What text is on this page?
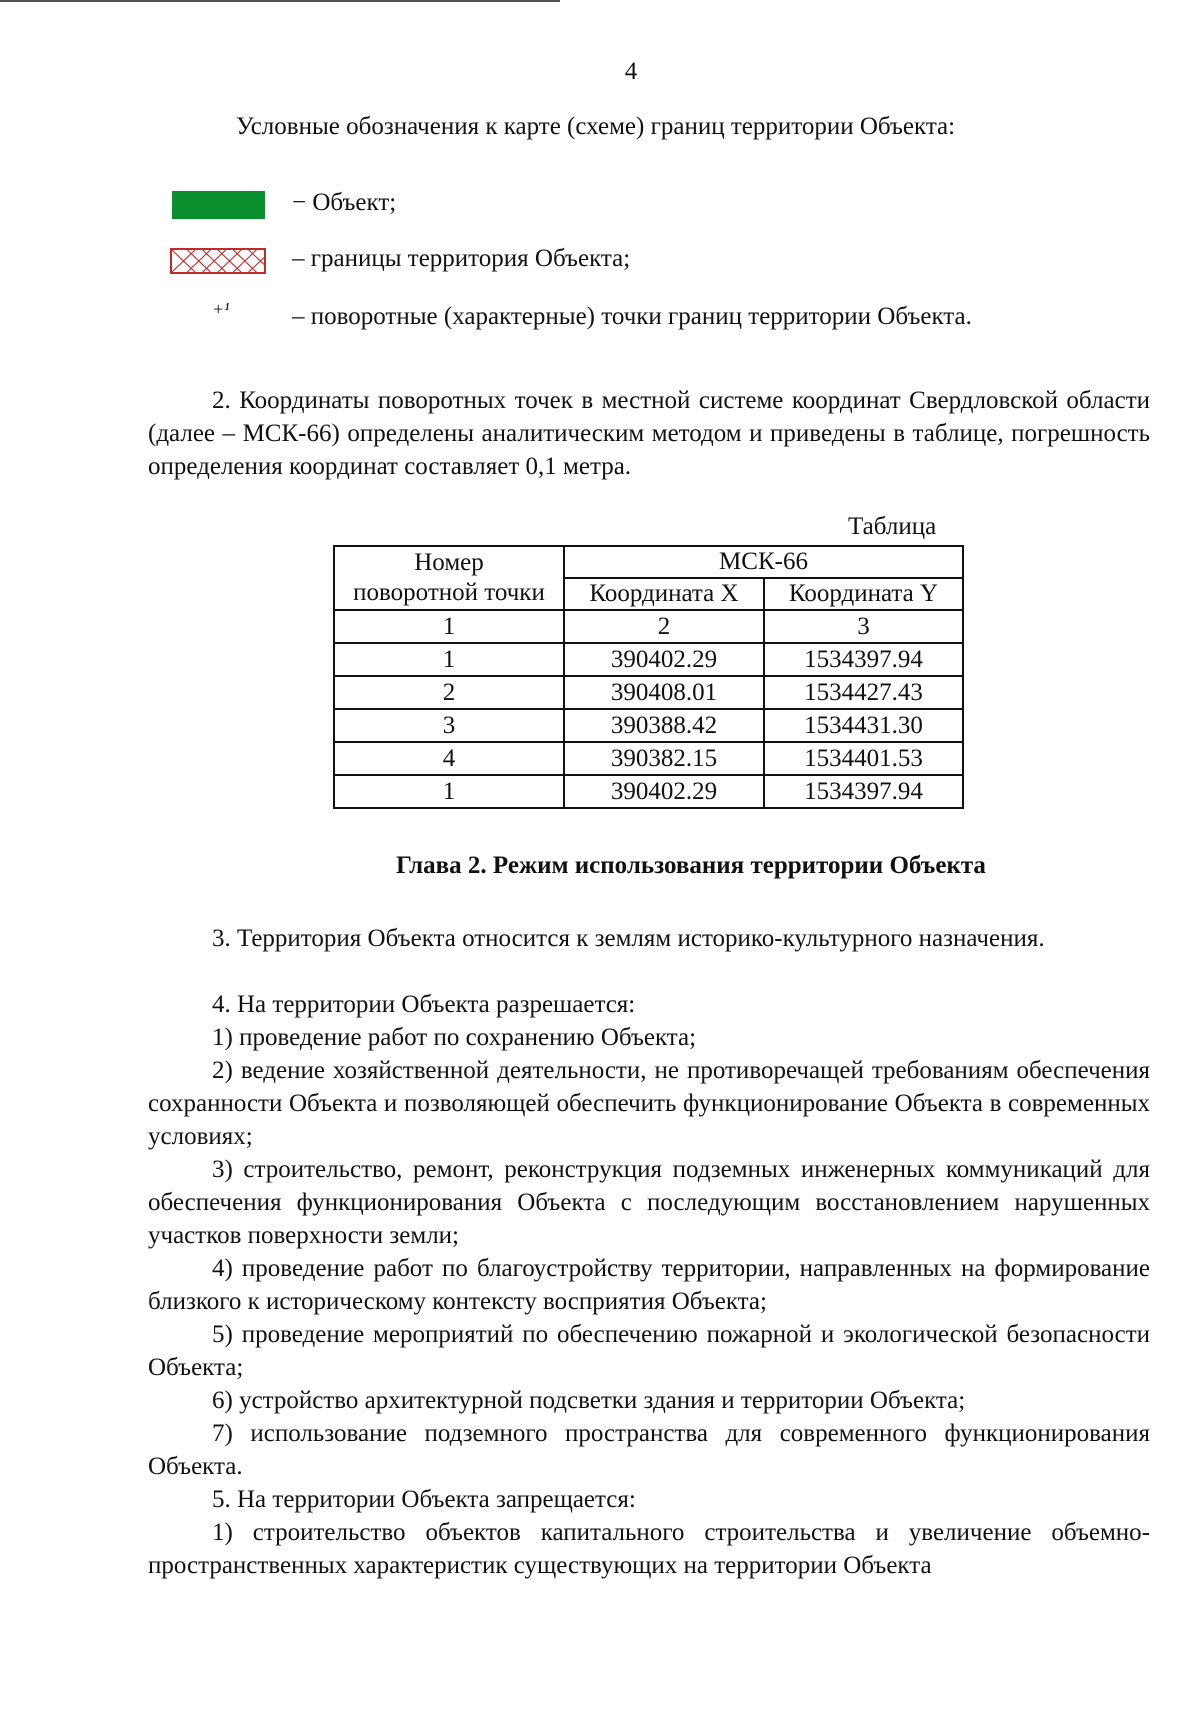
4
Условные обозначения к карте (схеме) границ территории Объекта:
− Объект;
– границы территория Объекта;
+¹ – поворотные (характерные) точки границ территории Объекта.

2. Координаты поворотных точек в местной системе координат Свердловской области (далее – МСК-66) определены аналитическим методом и приведены в таблице, погрешность определения координат составляет 0,1 метра.

Таблица
Номер
поворотной точки	МСК-66	
	Координата X	Координата Y
1	2	3
1	390402.29	1534397.94
2	390408.01	1534427.43
3	390388.42	1534431.30
4	390382.15	1534401.53
1	390402.29	1534397.94
Глава 2. Режим использования территории Объекта

3. Территория Объекта относится к землям историко-культурного назначения.

4. На территории Объекта разрешается:

1) проведение работ по сохранению Объекта;

2) ведение хозяйственной деятельности, не противоречащей требованиям обеспечения сохранности Объекта и позволяющей обеспечить функционирование Объекта в современных условиях;

3) строительство, ремонт, реконструкция подземных инженерных коммуникаций для обеспечения функционирования Объекта с последующим восстановлением нарушенных участков поверхности земли;

4) проведение работ по благоустройству территории, направленных на формирование близкого к историческому контексту восприятия Объекта;

5) проведение мероприятий по обеспечению пожарной и экологической безопасности Объекта;

6) устройство архитектурной подсветки здания и территории Объекта;

7) использование подземного пространства для современного функционирования Объекта.

5. На территории Объекта запрещается:

1) строительство объектов капитального строительства и увеличение объемно-пространственных характеристик существующих на территории Объекта
